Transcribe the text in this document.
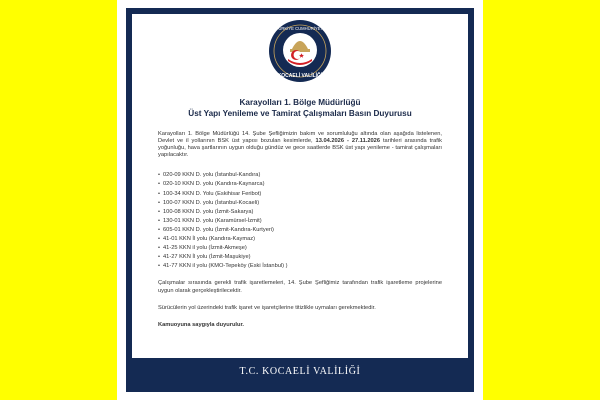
TÜRKİYE CUMHURİYETİ
KOCAELİ VALİLİĞİ
Karayolları 1. Bölge Müdürlüğü
Üst Yapı Yenileme ve Tamirat Çalışmaları Basın Duyurusu

Karayolları 1. Bölge Müdürlüğü 14. Şube Şefliğimizin bakım ve sorumluluğu altında olan aşağıda listelenen, Devlet ve il yollarının BSK üst yapısı bozulan kesimlerde, 13.04.2026 - 27.11.2026 tarihleri arasında trafik yoğunluğu, hava şartlarının uygun olduğu gündüz ve gece saatlerde BSK üst yapı yenileme - tamirat çalışmaları yapılacaktır.

• 020-09 KKN D. yolu (İstanbul-Kandıra)
• 020-10 KKN D. yolu (Kandıra-Kaynarca)
• 100-34 KKN D. Yolu (Eskihisar Feribot)
• 100-07 KKN D. yolu (İstanbul-Kocaeli)
• 100-08 KKN D. yolu (İzmit-Sakarya)
• 130-01 KKN D. yolu (Karamürsel-İzmit)
• 605-01 KKN D. yolu (İzmit-Kandıra-Kurtyeri)
• 41-01 KKN İl yolu (Kandıra-Kaymaz)
• 41-25 KKN il yolu (İzmit-Akmeşe)
• 41-27 KKN İl yolu (İzmit-Maşukiye)
• 41-77 KKN il yolu (KMO-Tepeköy (Eski İstanbul) )

Çalışmalar sırasında gerekli trafik işaretlemeleri, 14. Şube Şefliğimiz tarafından trafik işaretleme projelerine uygun olarak gerçekleştirilecektir.

Sürücülerin yol üzerindeki trafik işaret ve işaretçilerine titizlikle uymaları gerekmektedir.

Kamuoyuna saygıyla duyurulur.

T.C. KOCAELİ VALİLİĞİ
